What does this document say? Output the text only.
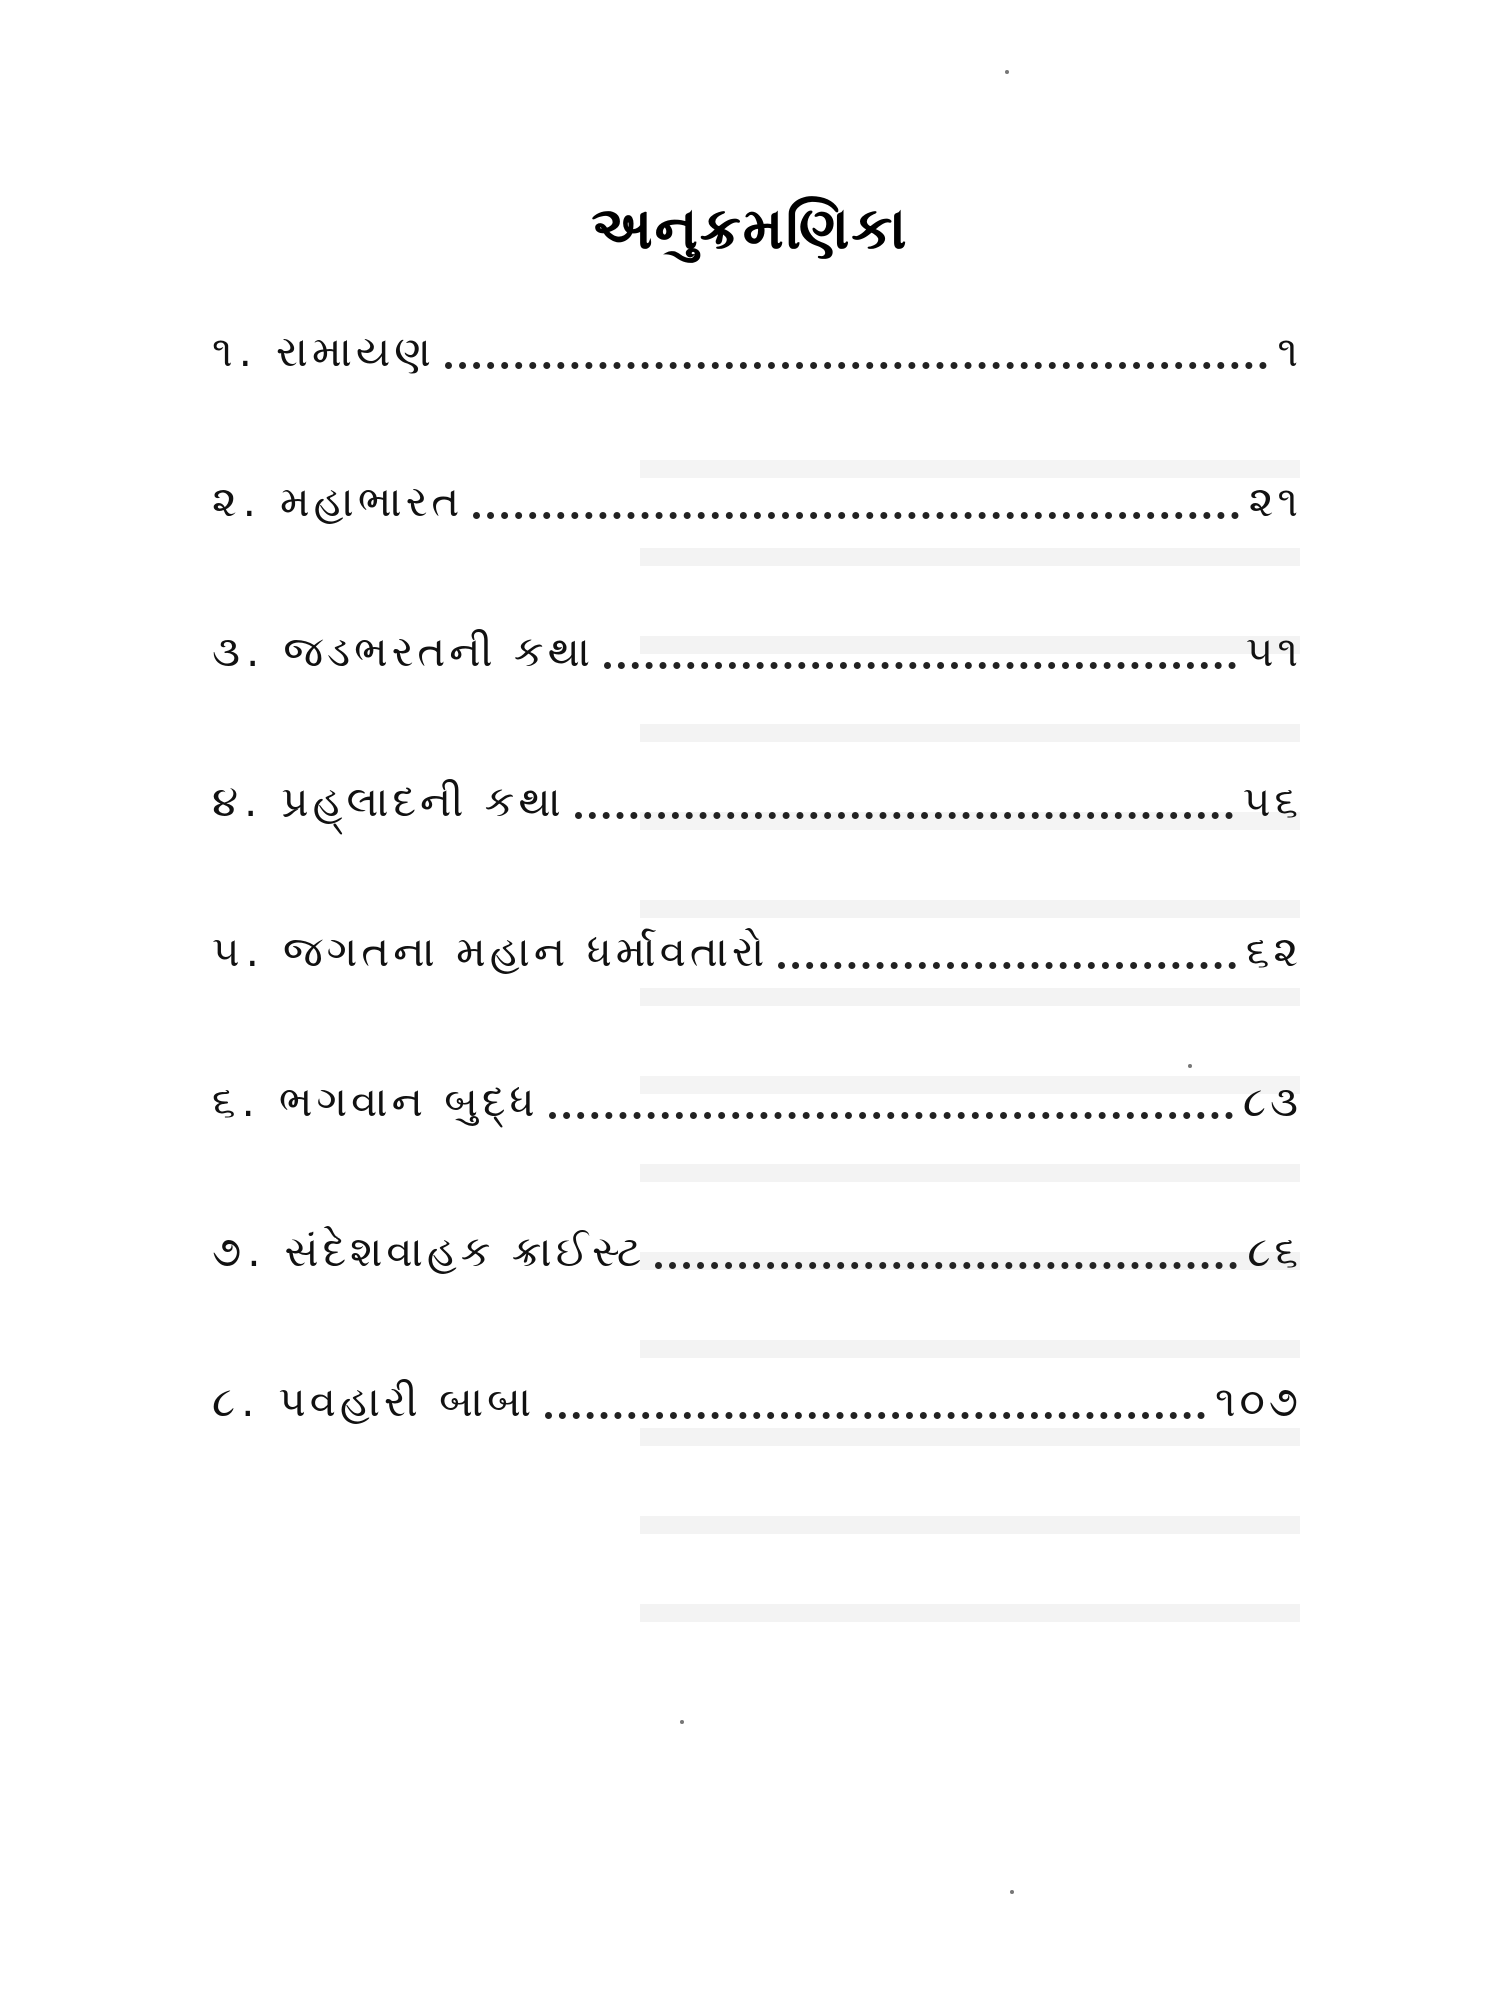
અનુક્રમણિકા
૧. રામાયણ	૧
૨. મહાભારત	૨૧
૩. જડભરતની કથા	૫૧
૪. પ્રહ્‌લાદની કથા	૫૬
૫. જગતના મહાન ધર્માવતારો	૬૨
૬. ભગવાન બુદ્ધ	૮૩
૭. સંદેશવાહક ક્રાઈસ્ટ	૮૬
૮. પવહારી બાબા	૧૦૭
